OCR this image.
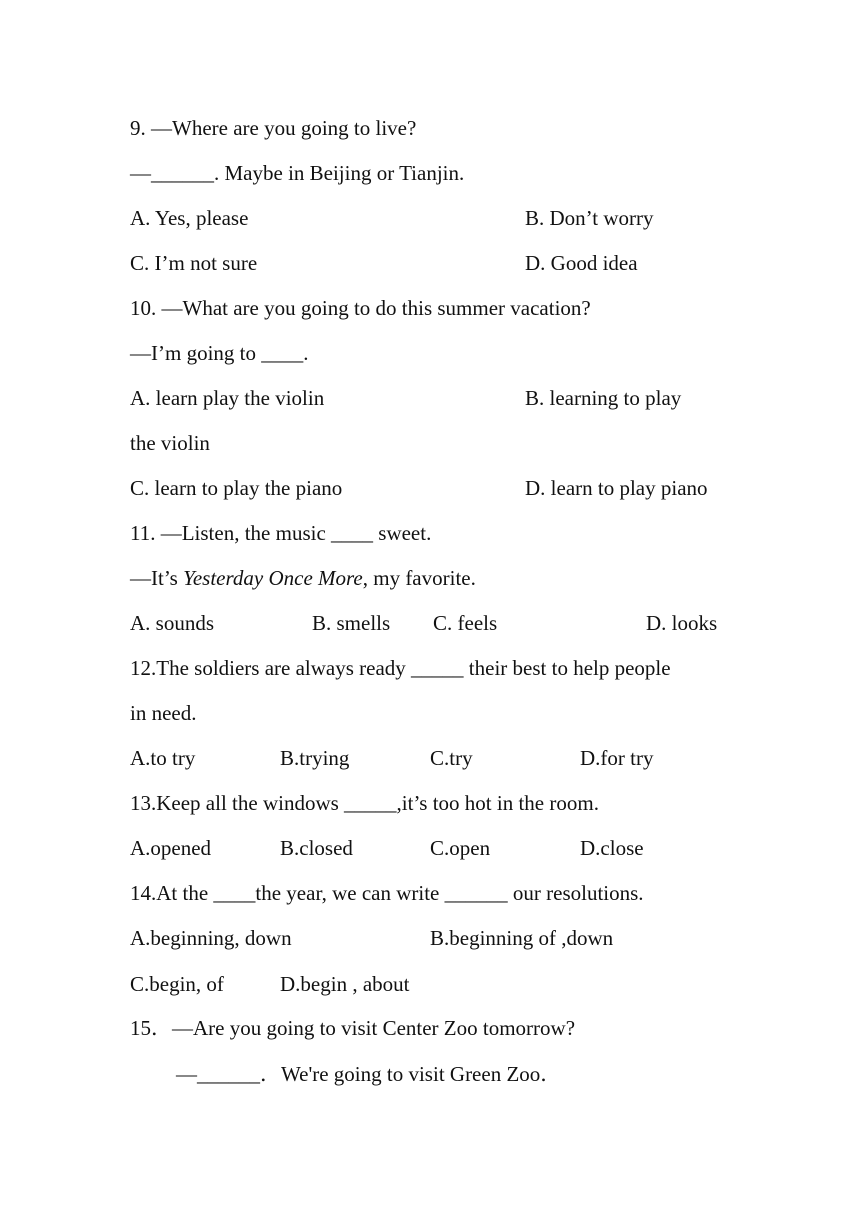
9. —Where are you going to live?
—______. Maybe in Beijing or Tianjin.
A. Yes, please	B. Don’t worry
C. I’m not sure	D. Good idea
10. —What are you going to do this summer vacation?
—I’m going to ____.
A. learn play the violin	B. learning to play
the violin
C. learn to play the piano	D. learn to play piano
11. —Listen, the music ____ sweet.
—It’s Yesterday Once More, my favorite.
A. sounds	B. smells C. feels	D. looks
12.The soldiers are always ready _____ their best to help people
in need.
A.to try	B.trying	C.try	D.for try
13.Keep all the windows _____,it’s too hot in the room.
A.opened	B.closed	C.open	D.close
14.At the ____the year, we can write ______ our resolutions.
A.beginning, down	B.beginning of ,down
C.begin, of	D.begin , about
15．—Are you going to visit Center Zoo tomorrow?
—______．We're going to visit Green Zoo．
